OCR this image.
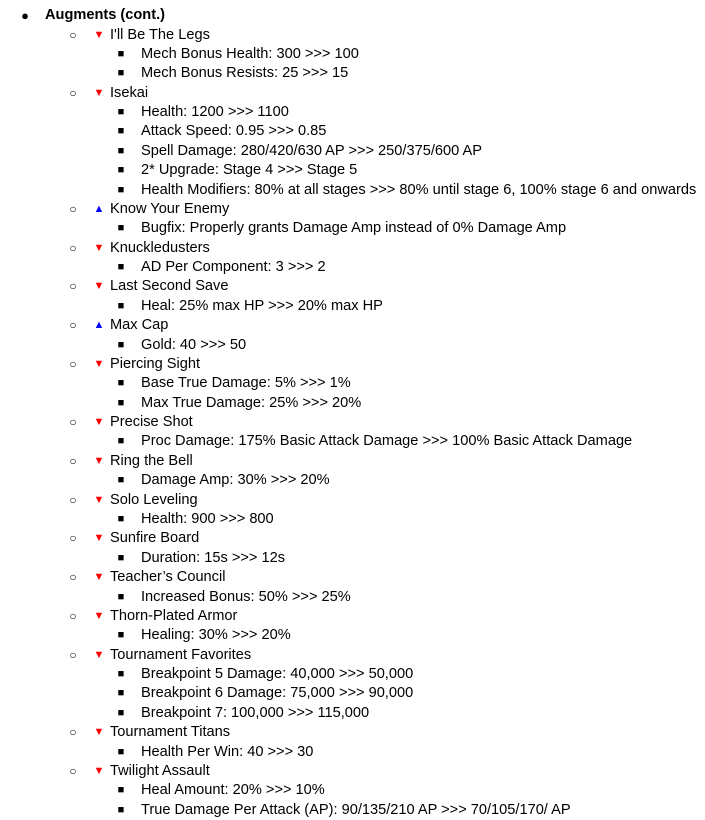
● Augments (cont.)
○	▼ I'll Be The Legs
■ Mech Bonus Health: 300 >>> 100
■ Mech Bonus Resists: 25 >>> 15
○	▼ Isekai
■ Health: 1200 >>> 1100
■ Attack Speed: 0.95 >>> 0.85
■ Spell Damage: 280/420/630 AP >>> 250/375/600 AP
■ 2* Upgrade: Stage 4 >>> Stage 5
■ Health Modifiers: 80% at all stages >>> 80% until stage 6, 100% stage 6 and onwards
○	▲ Know Your Enemy
■ Bugfix: Properly grants Damage Amp instead of 0% Damage Amp
○	▼ Knuckledusters
■ AD Per Component: 3 >>> 2
○	▼ Last Second Save
■ Heal: 25% max HP >>> 20% max HP
○	▲ Max Cap
■ Gold: 40 >>> 50
○	▼ Piercing Sight
■ Base True Damage: 5% >>> 1%
■ Max True Damage: 25% >>> 20%
○	▼ Precise Shot
■ Proc Damage: 175% Basic Attack Damage >>> 100% Basic Attack Damage
○	▼ Ring the Bell
■ Damage Amp: 30% >>> 20%
○	▼ Solo Leveling
■ Health: 900 >>> 800
○	▼ Sunfire Board
■ Duration: 15s >>> 12s
○	▼ Teacher’s Council
■ Increased Bonus: 50% >>> 25%
○	▼ Thorn-Plated Armor
■ Healing: 30% >>> 20%
○	▼ Tournament Favorites
■ Breakpoint 5 Damage: 40,000 >>> 50,000
■ Breakpoint 6 Damage: 75,000 >>> 90,000
■ Breakpoint 7: 100,000 >>> 115,000
○	▼ Tournament Titans
■ Health Per Win: 40 >>> 30
○	▼ Twilight Assault
■ Heal Amount: 20% >>> 10%
■ True Damage Per Attack (AP): 90/135/210 AP >>> 70/105/170/ AP
